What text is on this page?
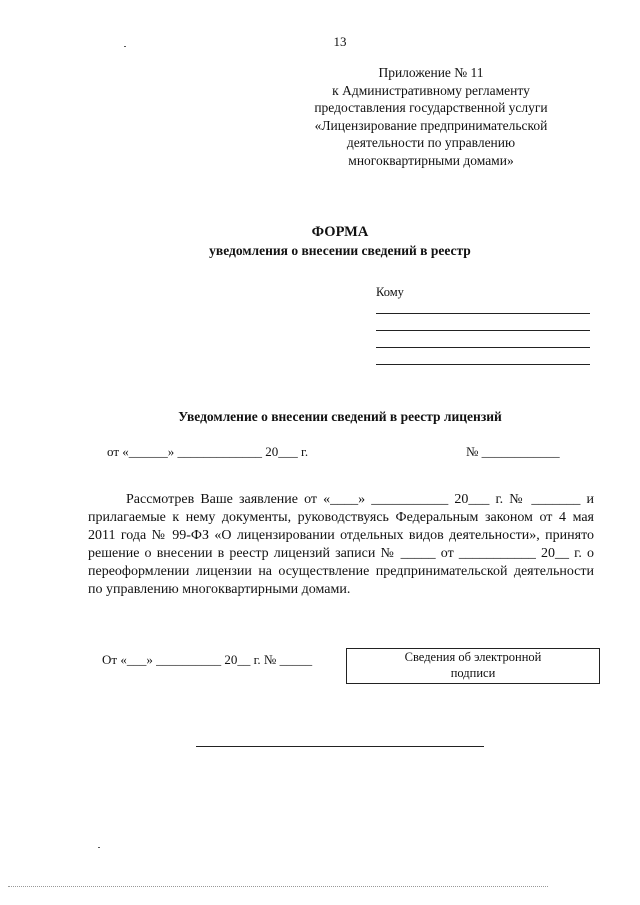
13
Приложение № 11
к Административному регламенту
предоставления государственной услуги
«Лицензирование предпринимательской
деятельности по управлению
многоквартирными домами»
ФОРМА
уведомления о внесении сведений в реестр
Кому
Уведомление о внесении сведений в реестр лицензий
от «______» _____________ 20___ г.	№ ____________

Рассмотрев Ваше заявление от «____» ___________ 20___ г. № _______ и прилагаемые к нему документы, руководствуясь Федеральным законом от 4 мая 2011 года № 99-ФЗ «О лицензировании отдельных видов деятельности», принято решение о внесении в реестр лицензий записи № _____ от ___________ 20__ г. о переоформлении лицензии на осуществление предпринимательской деятельности по управлению многоквартирными домами.

От «___» __________ 20__ г. № _____	Сведения об электронной
подписи
